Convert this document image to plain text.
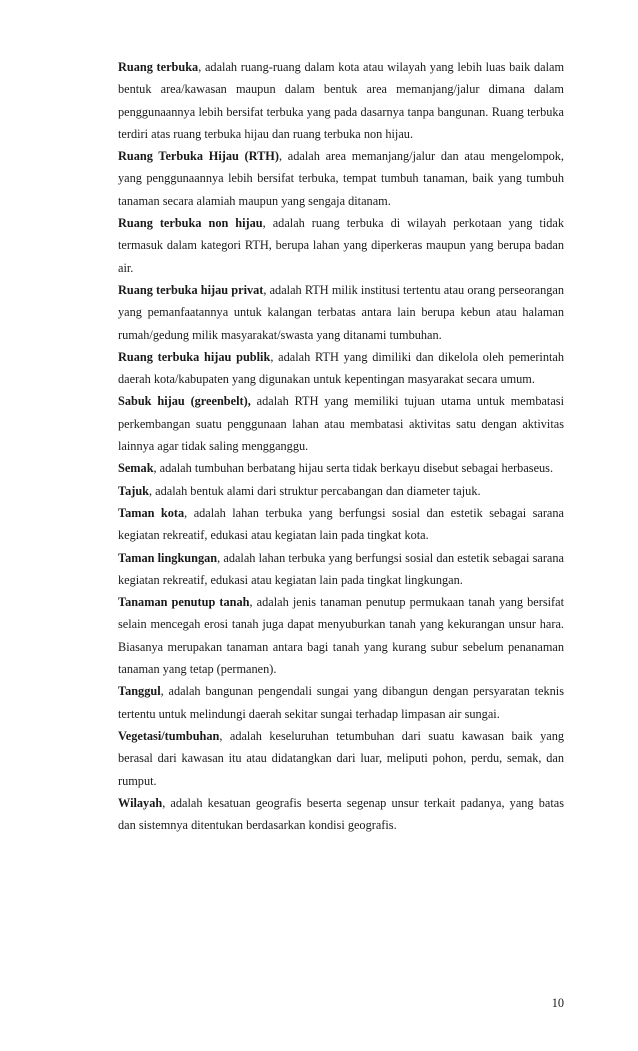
Ruang terbuka, adalah ruang-ruang dalam kota atau wilayah yang lebih luas baik dalam bentuk area/kawasan maupun dalam bentuk area memanjang/jalur dimana dalam penggunaannya lebih bersifat terbuka yang pada dasarnya tanpa bangunan. Ruang terbuka terdiri atas ruang terbuka hijau dan ruang terbuka non hijau.

Ruang Terbuka Hijau (RTH), adalah area memanjang/jalur dan atau mengelompok, yang penggunaannya lebih bersifat terbuka, tempat tumbuh tanaman, baik yang tumbuh tanaman secara alamiah maupun yang sengaja ditanam.

Ruang terbuka non hijau, adalah ruang terbuka di wilayah perkotaan yang tidak termasuk dalam kategori RTH, berupa lahan yang diperkeras maupun yang berupa badan air.

Ruang terbuka hijau privat, adalah RTH milik institusi tertentu atau orang perseorangan yang pemanfaatannya untuk kalangan terbatas antara lain berupa kebun atau halaman rumah/gedung milik masyarakat/swasta yang ditanami tumbuhan.

Ruang terbuka hijau publik, adalah RTH yang dimiliki dan dikelola oleh pemerintah daerah kota/kabupaten yang digunakan untuk kepentingan masyarakat secara umum.

Sabuk hijau (greenbelt), adalah RTH yang memiliki tujuan utama untuk membatasi perkembangan suatu penggunaan lahan atau membatasi aktivitas satu dengan aktivitas lainnya agar tidak saling mengganggu.

Semak, adalah tumbuhan berbatang hijau serta tidak berkayu disebut sebagai herbaseus.

Tajuk, adalah bentuk alami dari struktur percabangan dan diameter tajuk.

Taman kota, adalah lahan terbuka yang berfungsi sosial dan estetik sebagai sarana kegiatan rekreatif, edukasi atau kegiatan lain pada tingkat kota.

Taman lingkungan, adalah lahan terbuka yang berfungsi sosial dan estetik sebagai sarana kegiatan rekreatif, edukasi atau kegiatan lain pada tingkat lingkungan.

Tanaman penutup tanah, adalah jenis tanaman penutup permukaan tanah yang bersifat selain mencegah erosi tanah juga dapat menyuburkan tanah yang kekurangan unsur hara. Biasanya merupakan tanaman antara bagi tanah yang kurang subur sebelum penanaman tanaman yang tetap (permanen).

Tanggul, adalah bangunan pengendali sungai yang dibangun dengan persyaratan teknis tertentu untuk melindungi daerah sekitar sungai terhadap limpasan air sungai.

Vegetasi/tumbuhan, adalah keseluruhan tetumbuhan dari suatu kawasan baik yang berasal dari kawasan itu atau didatangkan dari luar, meliputi pohon, perdu, semak, dan rumput.

Wilayah, adalah kesatuan geografis beserta segenap unsur terkait padanya, yang batas dan sistemnya ditentukan berdasarkan kondisi geografis.

10
